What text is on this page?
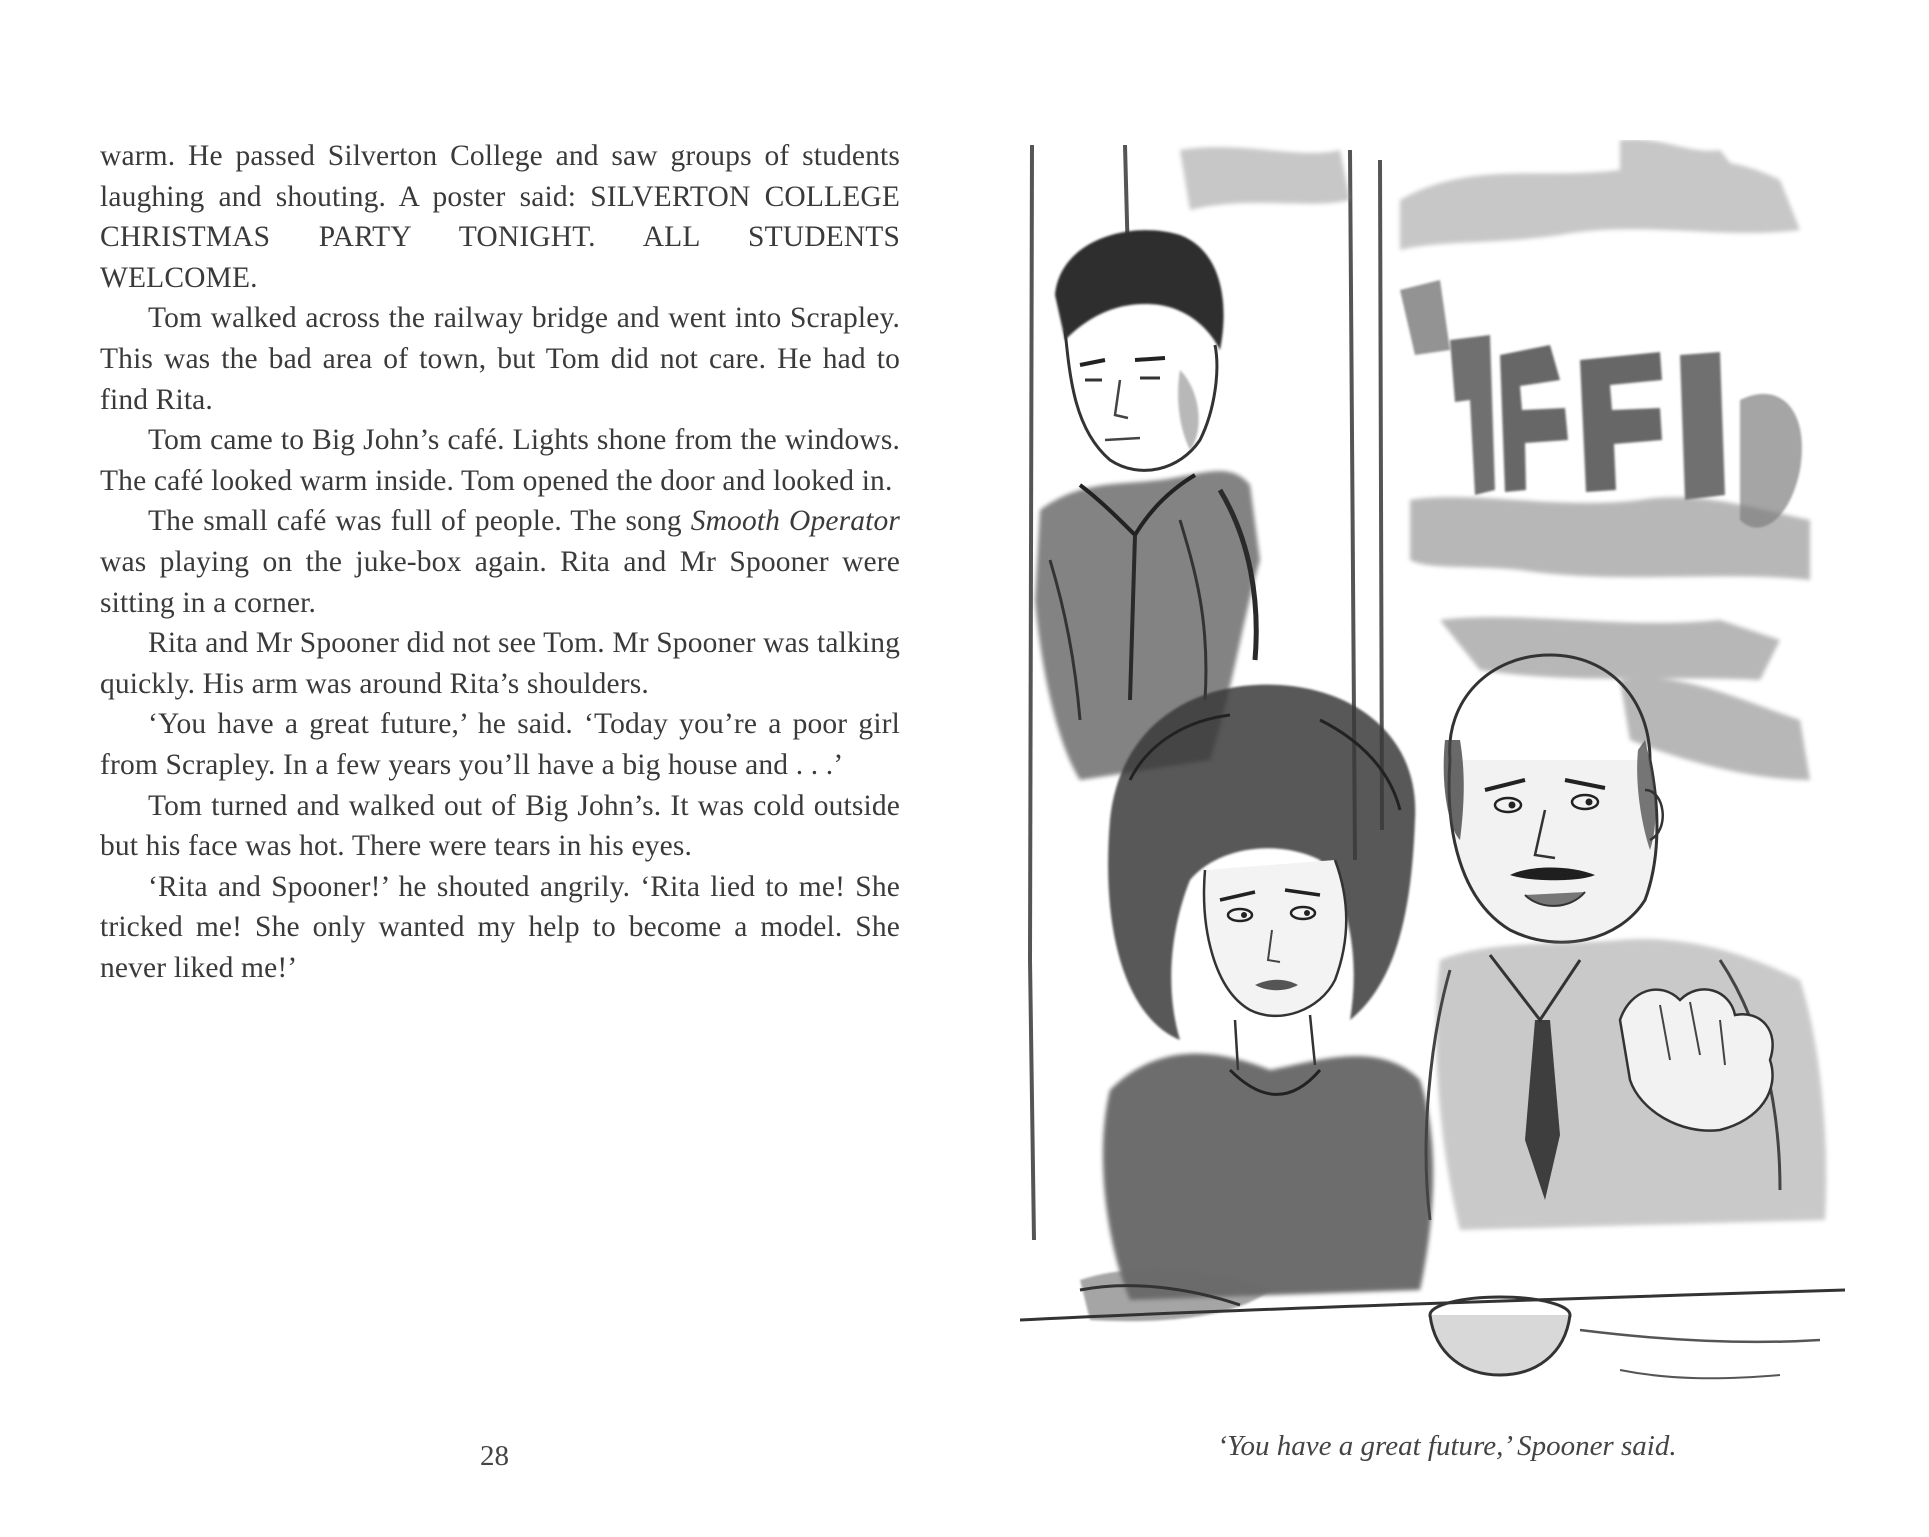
warm. He passed Silverton College and saw groups of students laughing and shouting. A poster said: SILVERTON COLLEGE CHRISTMAS PARTY TONIGHT. ALL STUDENTS WELCOME.

Tom walked across the railway bridge and went into Scrapley. This was the bad area of town, but Tom did not care. He had to find Rita.

Tom came to Big John’s café. Lights shone from the windows. The café looked warm inside. Tom opened the door and looked in.

The small café was full of people. The song Smooth Operator was playing on the juke-box again. Rita and Mr Spooner were sitting in a corner.

Rita and Mr Spooner did not see Tom. Mr Spooner was talking quickly. His arm was around Rita’s shoulders.

‘You have a great future,’ he said. ‘Today you’re a poor girl from Scrapley. In a few years you’ll have a big house and . . .’

Tom turned and walked out of Big John’s. It was cold outside but his face was hot. There were tears in his eyes.

‘Rita and Spooner!’ he shouted angrily. ‘Rita lied to me! She tricked me! She only wanted my help to become a model. She never liked me!’

28	‘You have a great future,’ Spooner said.
